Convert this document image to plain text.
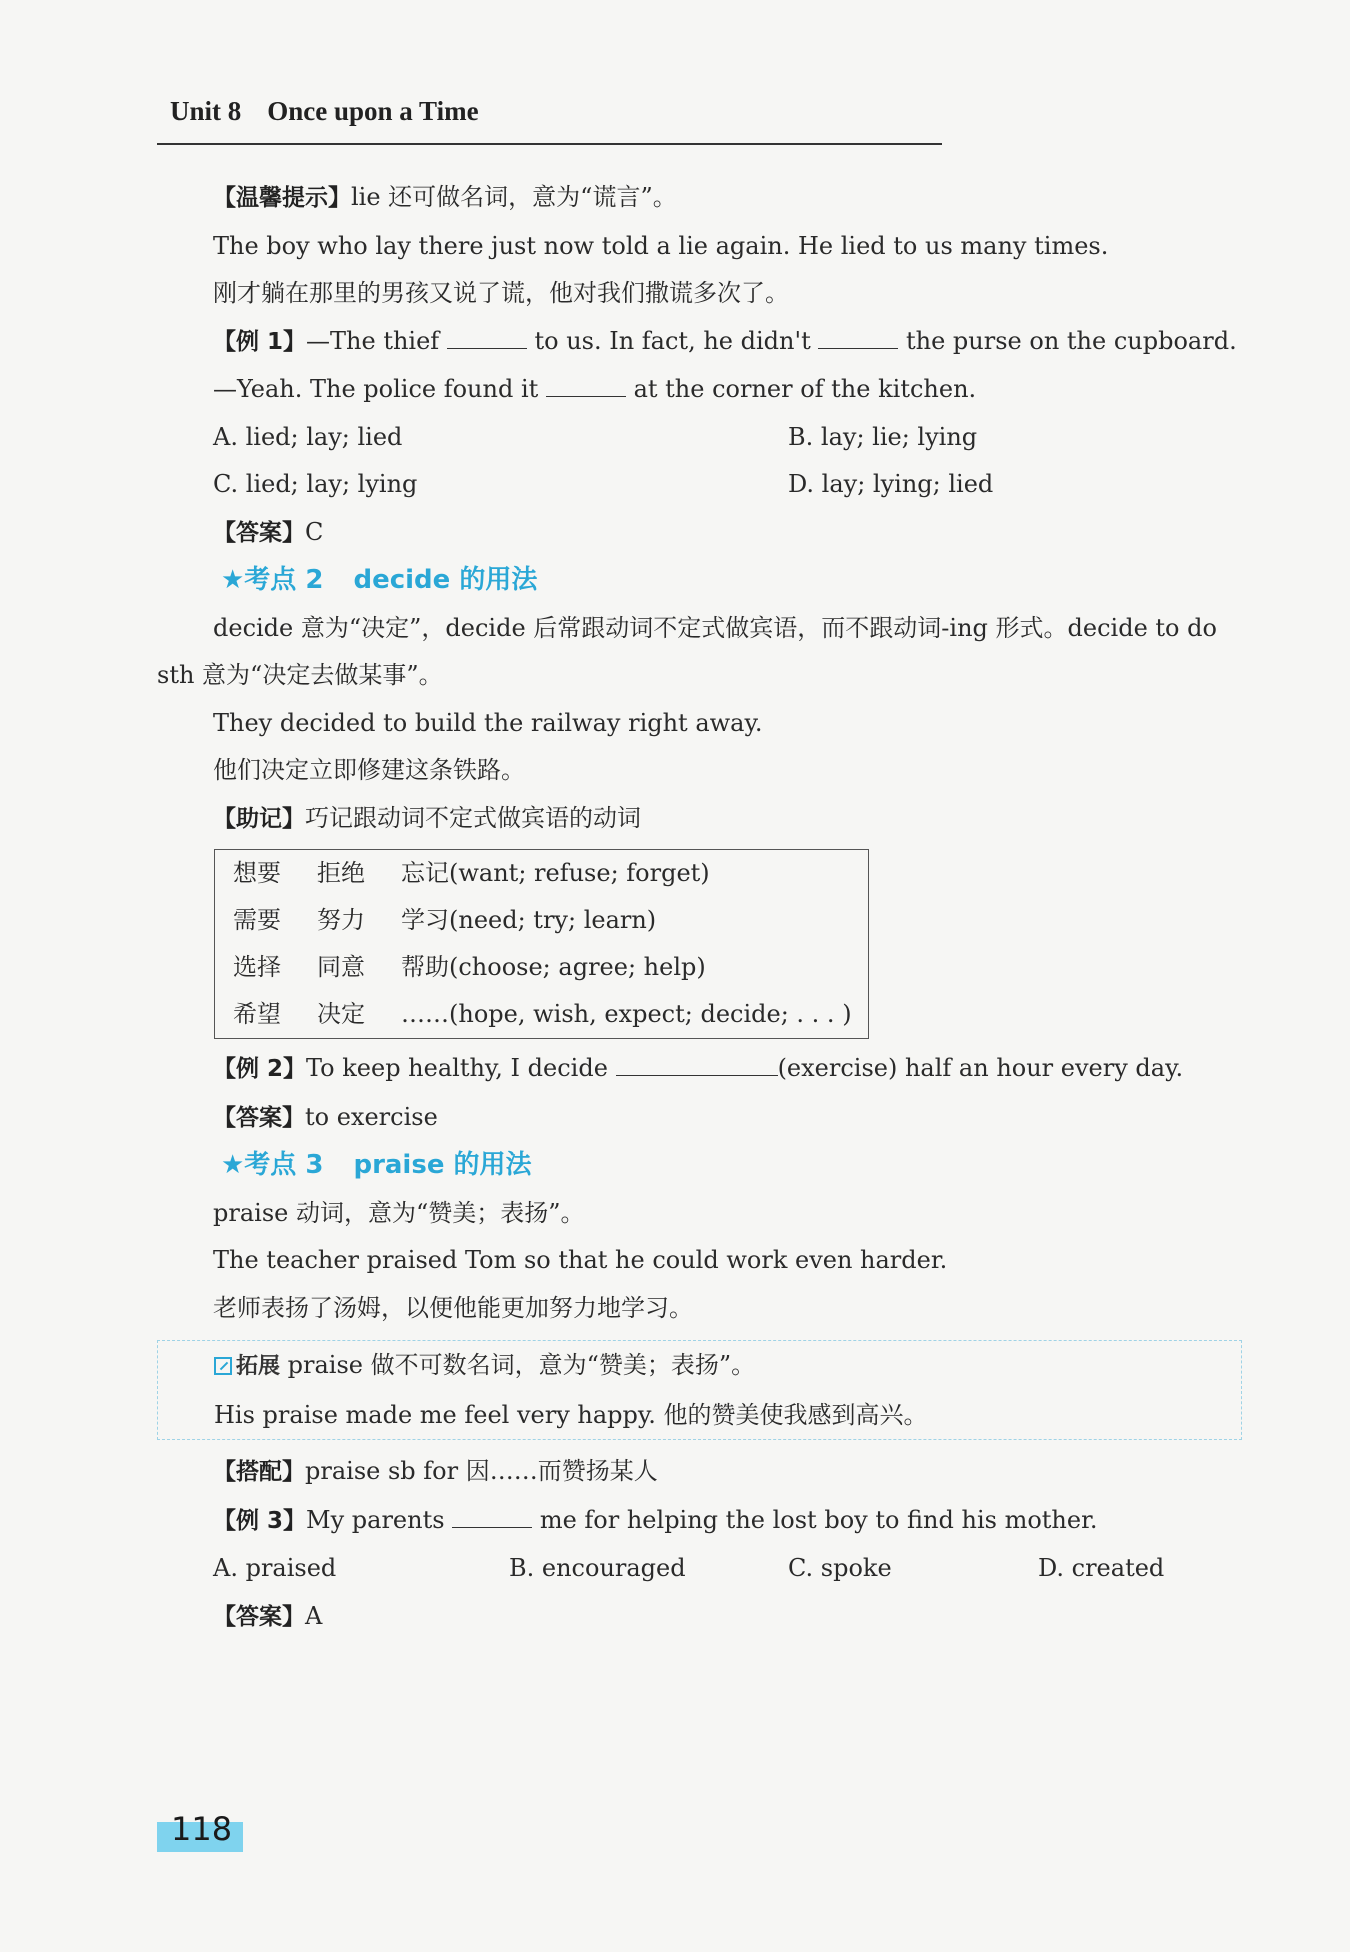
Unit 8 Once upon a Time
【温馨提示】lie 还可做名词，意为“谎言”。
The boy who lay there just now told a lie again. He lied to us many times.
刚才躺在那里的男孩又说了谎，他对我们撒谎多次了。
【例 1】—The thief	to us. In fact, he didn't	the purse on the cupboard.
—Yeah. The police found it	at the corner of the kitchen.
A. lied; lay; lied	B. lay; lie; lying
C. lied; lay; lying	D. lay; lying; lied
【答案】C
★考点 2 decide 的用法
decide 意为“决定”，decide 后常跟动词不定式做宾语，而不跟动词-ing 形式。decide to do sth 意为“决定去做某事”。
They decided to build the railway right away.
他们决定立即修建这条铁路。
【助记】巧记跟动词不定式做宾语的动词
想要 拒绝 忘记(want; refuse; forget)
需要 努力 学习(need; try; learn)
选择 同意 帮助(choose; agree; help)
希望 决定 ……(hope, wish, expect; decide; . . . )
【例 2】To keep healthy, I decide	(exercise) half an hour every day.
【答案】to exercise
★考点 3 praise 的用法
praise 动词，意为“赞美；表扬”。
The teacher praised Tom so that he could work even harder.
老师表扬了汤姆，以便他能更加努力地学习。
拓展 praise 做不可数名词，意为“赞美；表扬”。
His praise made me feel very happy. 他的赞美使我感到高兴。
【搭配】praise sb for 因……而赞扬某人
【例 3】My parents	me for helping the lost boy to find his mother.
A. praised	B. encouraged	C. spoke	D. created
【答案】A
118
